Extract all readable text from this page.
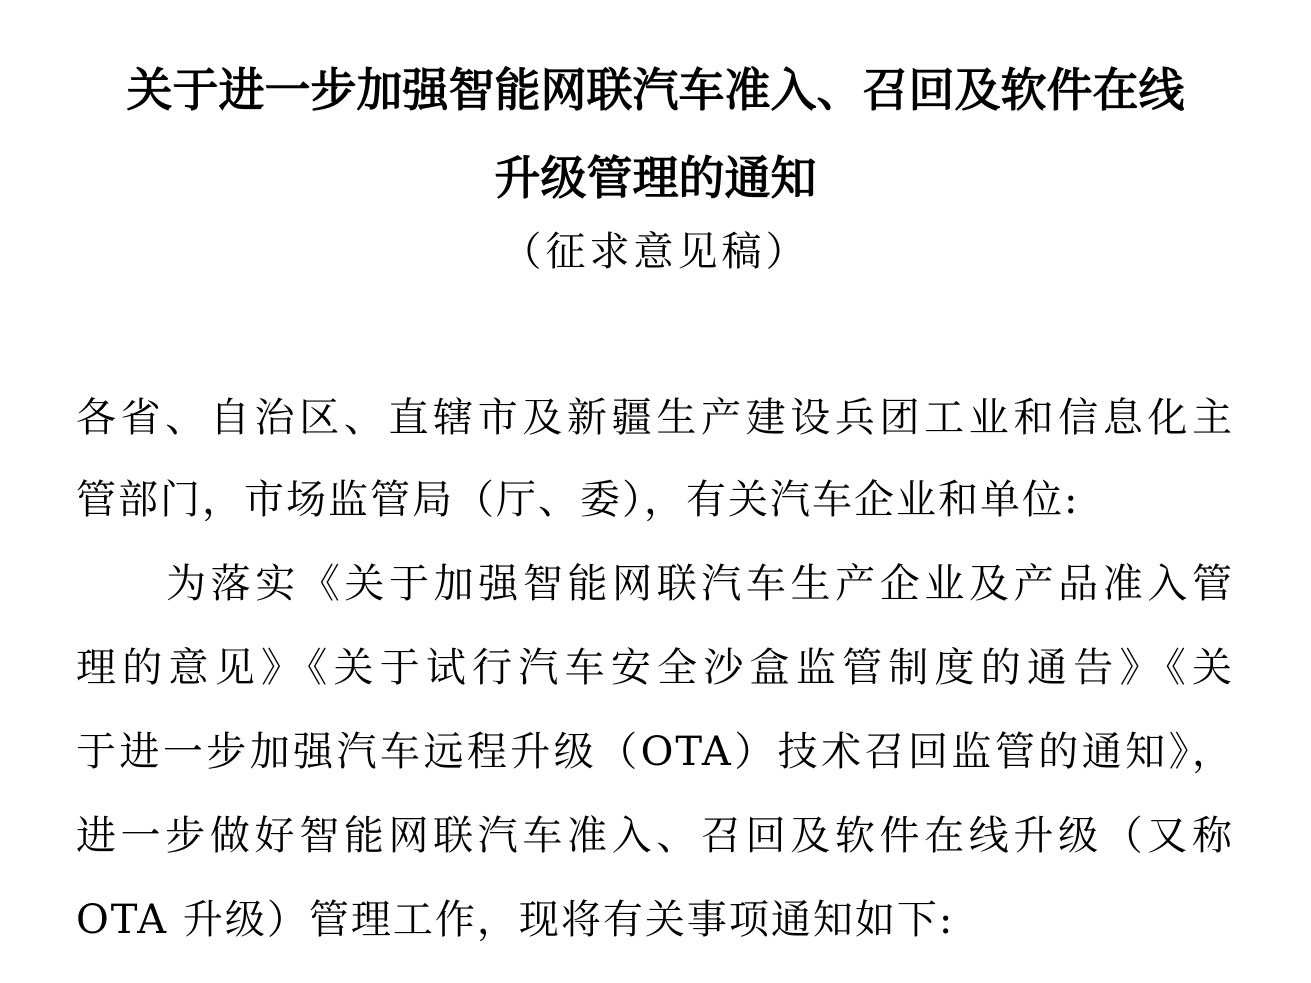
关于进一步加强智能网联汽车准入、召回及软件在线
升级管理的通知
（征求意见稿）

各省、自治区、直辖市及新疆生产建设兵团工业和信息化主

管部门，市场监管局（厅、委），有关汽车企业和单位:

为落实《关于加强智能网联汽车生产企业及产品准入管

理的意见》《关于试行汽车安全沙盒监管制度的通告》《关

于进一步加强汽车远程升级（OTA）技术召回监管的通知》，

进一步做好智能网联汽车准入、召回及软件在线升级（又称

OTA 升级）管理工作，现将有关事项通知如下:
